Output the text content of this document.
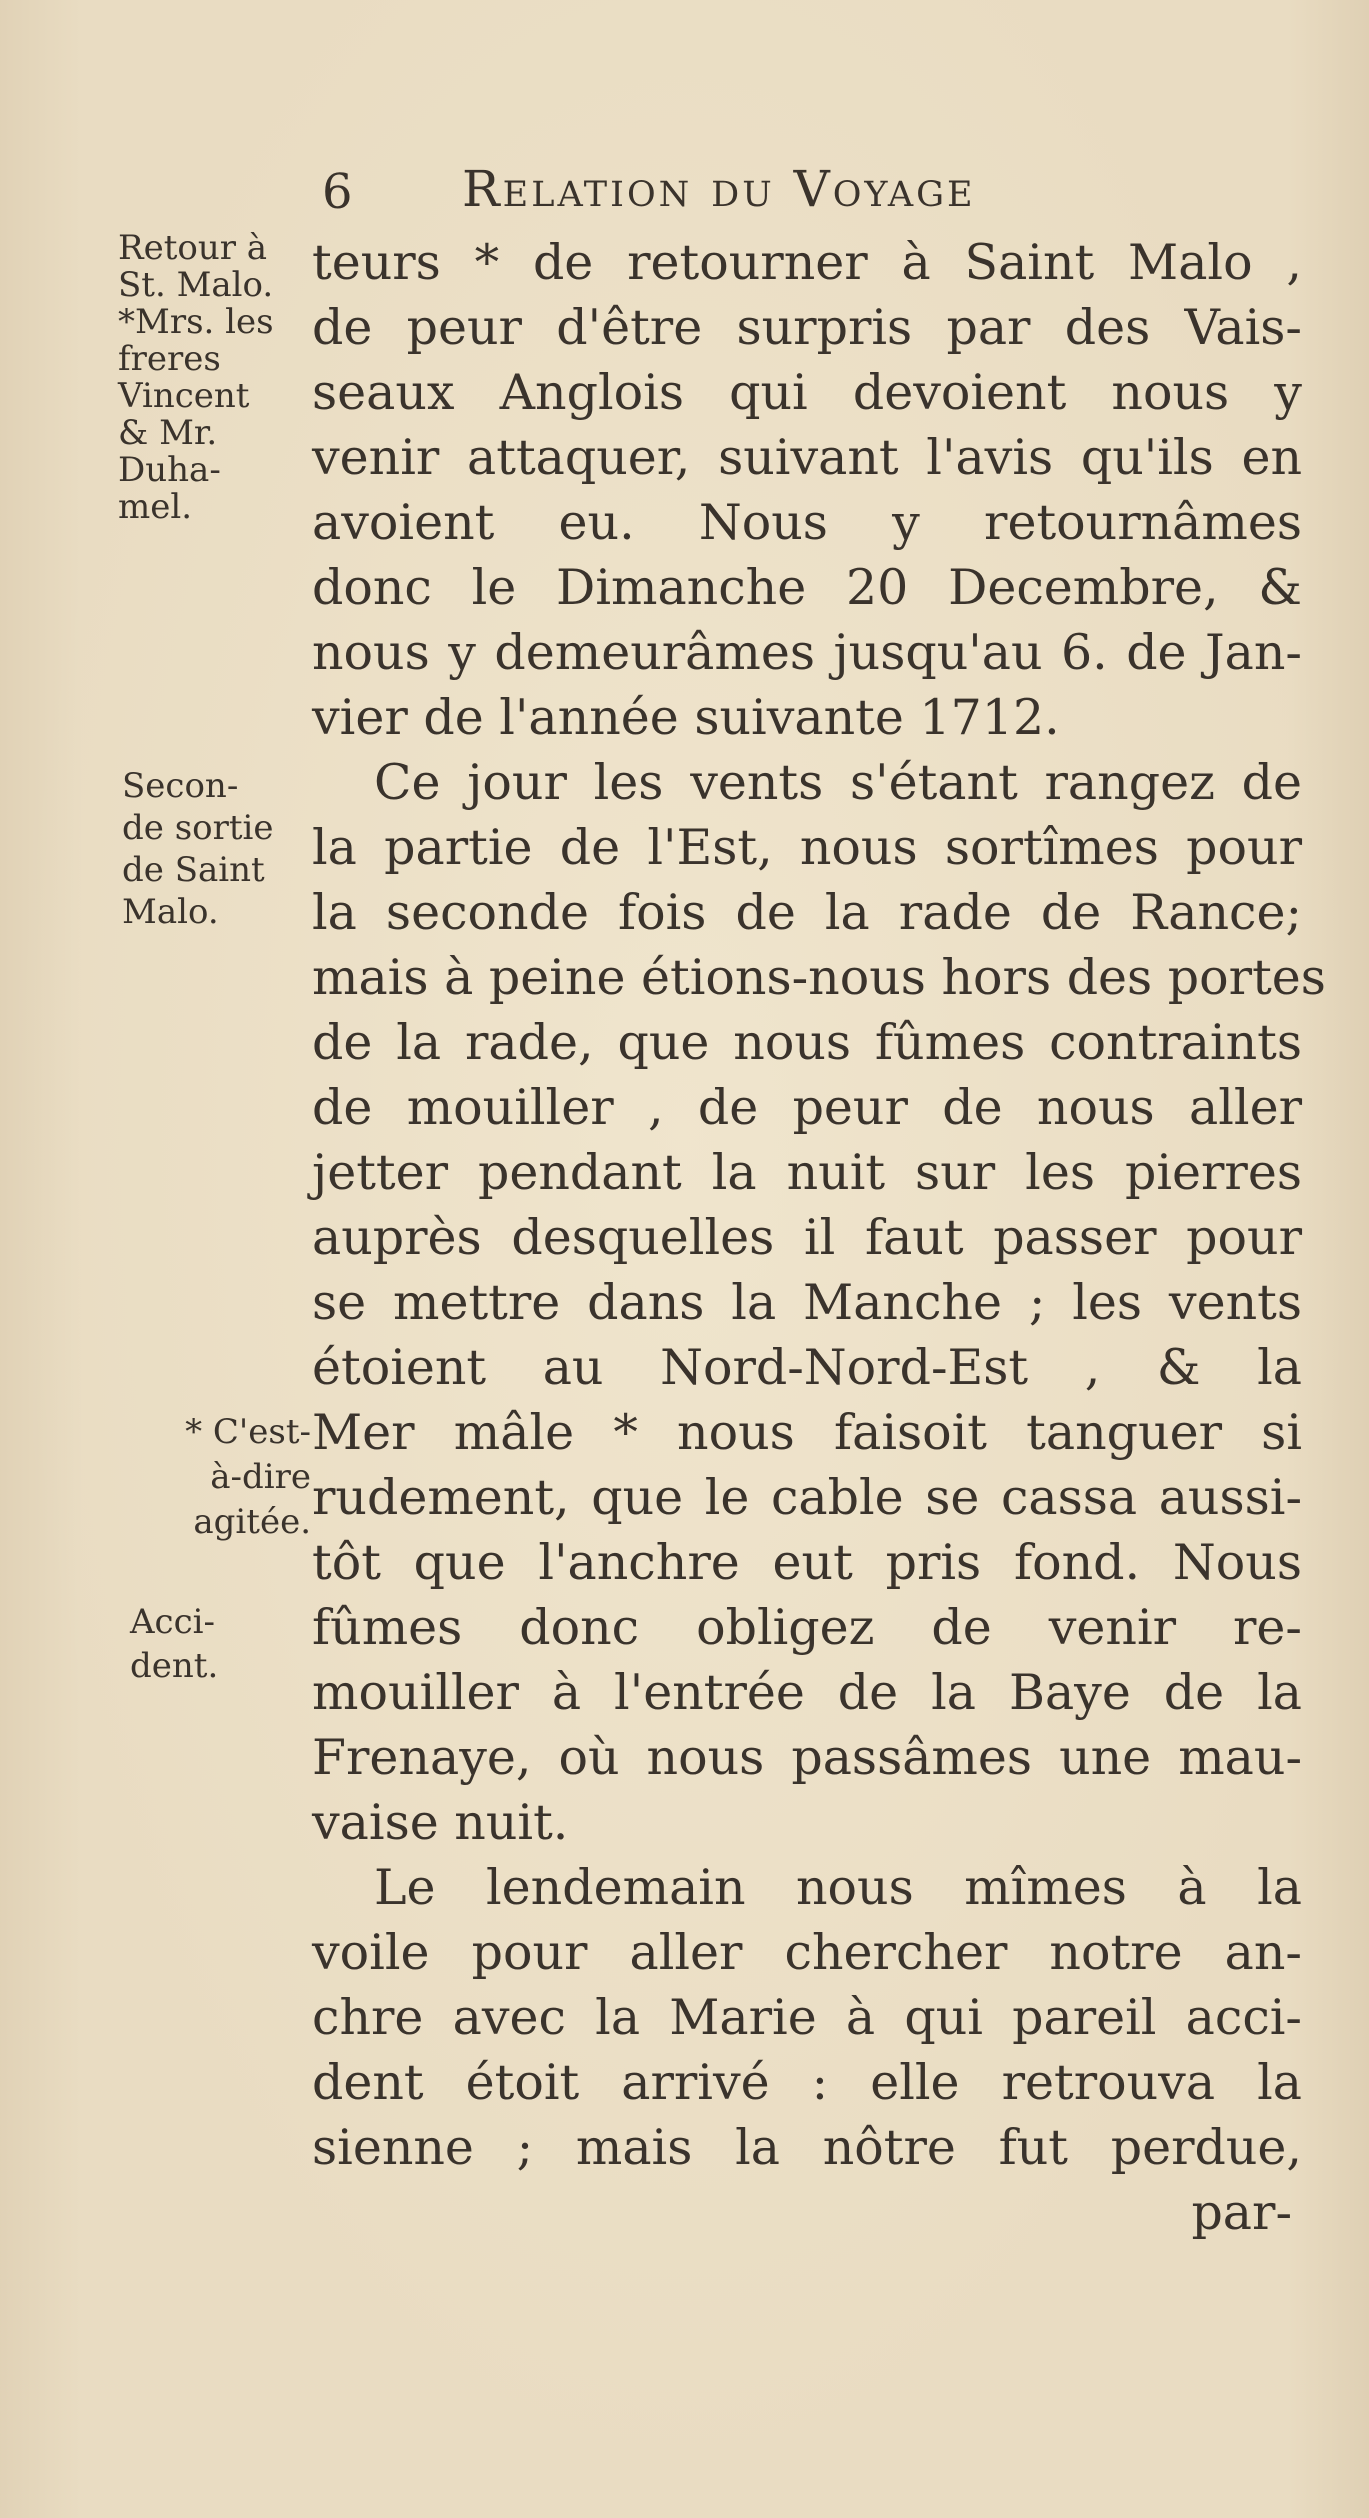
6 Relation du Voyage
Retour à
St. Malo.
*Mrs. les
freres
Vincent
& Mr.
Duha-
mel.
Secon-
de sortie
de Saint
Malo.
* C'est-
à-dire
agitée.
Acci-
dent.
teurs * de retourner à Saint Malo ,
de peur d'être surpris par des Vais-
seaux Anglois qui devoient nous y
venir attaquer, suivant l'avis qu'ils en
avoient eu. Nous y retournâmes
donc le Dimanche 20 Decembre, &
nous y demeurâmes jusqu'au 6. de Jan-
vier de l'année suivante 1712.
Ce jour les vents s'étant rangez de
la partie de l'Est, nous sortîmes pour
la seconde fois de la rade de Rance;
mais à peine étions-nous hors des portes
de la rade, que nous fûmes contraints
de mouiller , de peur de nous aller
jetter pendant la nuit sur les pierres
auprès desquelles il faut passer pour
se mettre dans la Manche ; les vents
étoient au Nord-Nord-Est , & la
Mer mâle * nous faisoit tanguer si
rudement, que le cable se cassa aussi-
tôt que l'anchre eut pris fond. Nous
fûmes donc obligez de venir re-
mouiller à l'entrée de la Baye de la
Frenaye, où nous passâmes une mau-
vaise nuit.
Le lendemain nous mîmes à la
voile pour aller chercher notre an-
chre avec la Marie à qui pareil acci-
dent étoit arrivé : elle retrouva la
sienne ; mais la nôtre fut perdue,
par-
